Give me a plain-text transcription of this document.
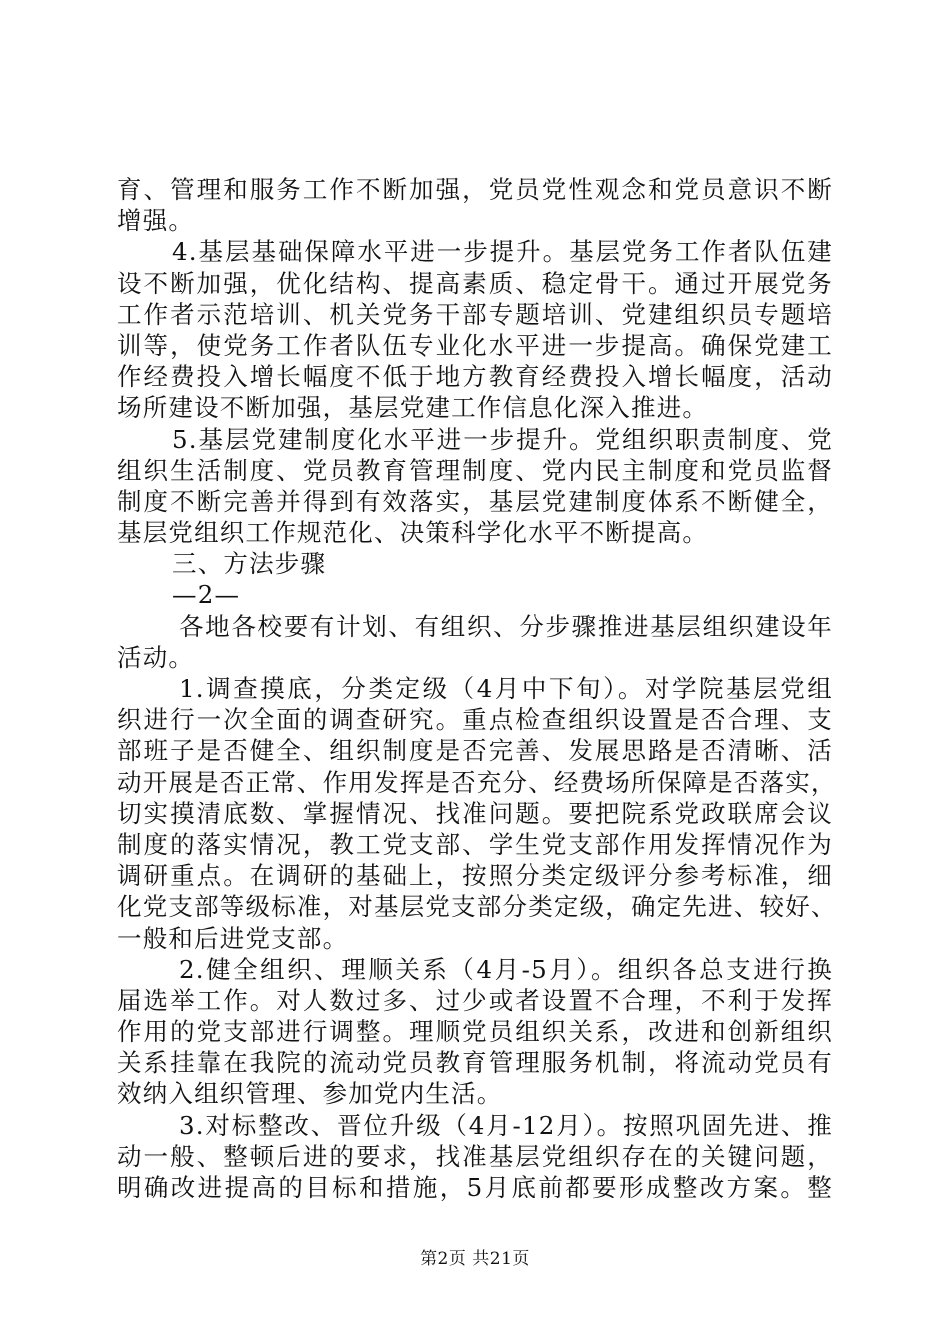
育、管理和服务工作不断加强，党员党性观念和党员意识不断
增强。
4.基层基础保障水平进一步提升。基层党务工作者队伍建
设不断加强，优化结构、提高素质、稳定骨干。通过开展党务
工作者示范培训、机关党务干部专题培训、党建组织员专题培
训等，使党务工作者队伍专业化水平进一步提高。确保党建工
作经费投入增长幅度不低于地方教育经费投入增长幅度，活动
场所建设不断加强，基层党建工作信息化深入推进。
5.基层党建制度化水平进一步提升。党组织职责制度、党
组织生活制度、党员教育管理制度、党内民主制度和党员监督
制度不断完善并得到有效落实，基层党建制度体系不断健全，
基层党组织工作规范化、决策科学化水平不断提高。
三、方法步骤
—2—
各地各校要有计划、有组织、分步骤推进基层组织建设年
活动。
1.调查摸底，分类定级（4月中下旬）。对学院基层党组
织进行一次全面的调查研究。重点检查组织设置是否合理、支
部班子是否健全、组织制度是否完善、发展思路是否清晰、活
动开展是否正常、作用发挥是否充分、经费场所保障是否落实，
切实摸清底数、掌握情况、找准问题。要把院系党政联席会议
制度的落实情况，教工党支部、学生党支部作用发挥情况作为
调研重点。在调研的基础上，按照分类定级评分参考标准，细
化党支部等级标准，对基层党支部分类定级，确定先进、较好、
一般和后进党支部。
2.健全组织、理顺关系（4月-5月）。组织各总支进行换
届选举工作。对人数过多、过少或者设置不合理，不利于发挥
作用的党支部进行调整。理顺党员组织关系，改进和创新组织
关系挂靠在我院的流动党员教育管理服务机制，将流动党员有
效纳入组织管理、参加党内生活。
3.对标整改、晋位升级（4月-12月）。按照巩固先进、推
动一般、整顿后进的要求，找准基层党组织存在的关键问题，
明确改进提高的目标和措施，5月底前都要形成整改方案。整
第2页 共21页
